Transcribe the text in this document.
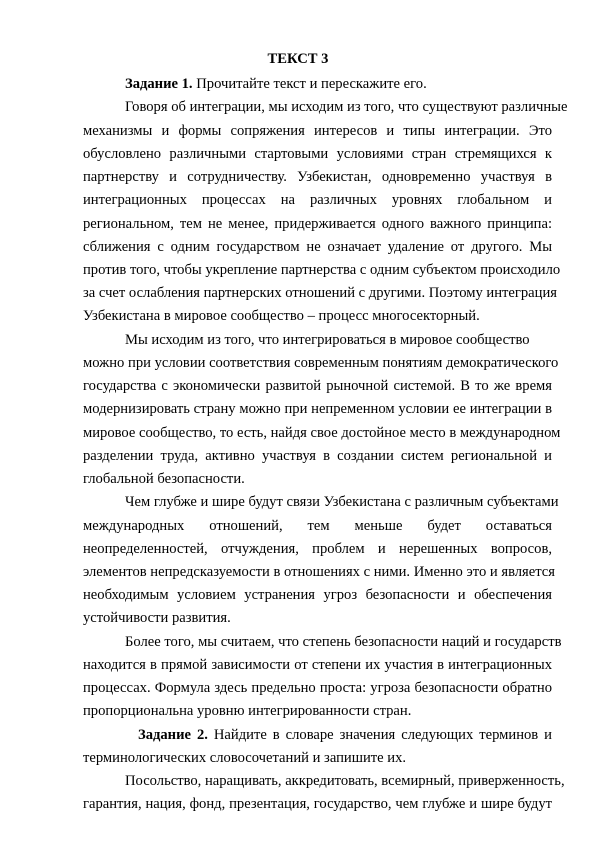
ТЕКСТ 3
Задание 1. Прочитайте текст и перескажите его.
Говоря об интеграции, мы исходим из того, что существуют различные
механизмы и формы сопряжения интересов и типы интеграции. Это
обусловлено различными стартовыми условиями стран стремящихся к
партнерству и сотрудничеству. Узбекистан, одновременно участвуя в
интеграционных процессах на различных уровнях глобальном и
региональном, тем не менее, придерживается одного важного принципа:
сближения с одним государством не означает удаление от другого. Мы
против того, чтобы укрепление партнерства с одним субъектом происходило
за счет ослабления партнерских отношений с другими. Поэтому интеграция
Узбекистана в мировое сообщество – процесс многосекторный.
Мы исходим из того, что интегрироваться в мировое сообщество
можно при условии соответствия современным понятиям демократического
государства с экономически развитой рыночной системой. В то же время
модернизировать страну можно при непременном условии ее интеграции в
мировое сообщество, то есть, найдя свое достойное место в международном
разделении труда, активно участвуя в создании систем региональной и
глобальной безопасности.
Чем глубже и шире будут связи Узбекистана с различным субъектами
международных отношений, тем меньше будет оставаться
неопределенностей, отчуждения, проблем и нерешенных вопросов,
элементов непредсказуемости в отношениях с ними. Именно это и является
необходимым условием устранения угроз безопасности и обеспечения
устойчивости развития.
Более того, мы считаем, что степень безопасности наций и государств
находится в прямой зависимости от степени их участия в интеграционных
процессах. Формула здесь предельно проста: угроза безопасности обратно
пропорциональна уровню интегрированности стран.
Задание 2. Найдите в словаре значения следующих терминов и
терминологических словосочетаний и запишите их.
Посольство, наращивать, аккредитовать, всемирный, приверженность,
гарантия, нация, фонд, презентация, государство, чем глубже и шире будут
